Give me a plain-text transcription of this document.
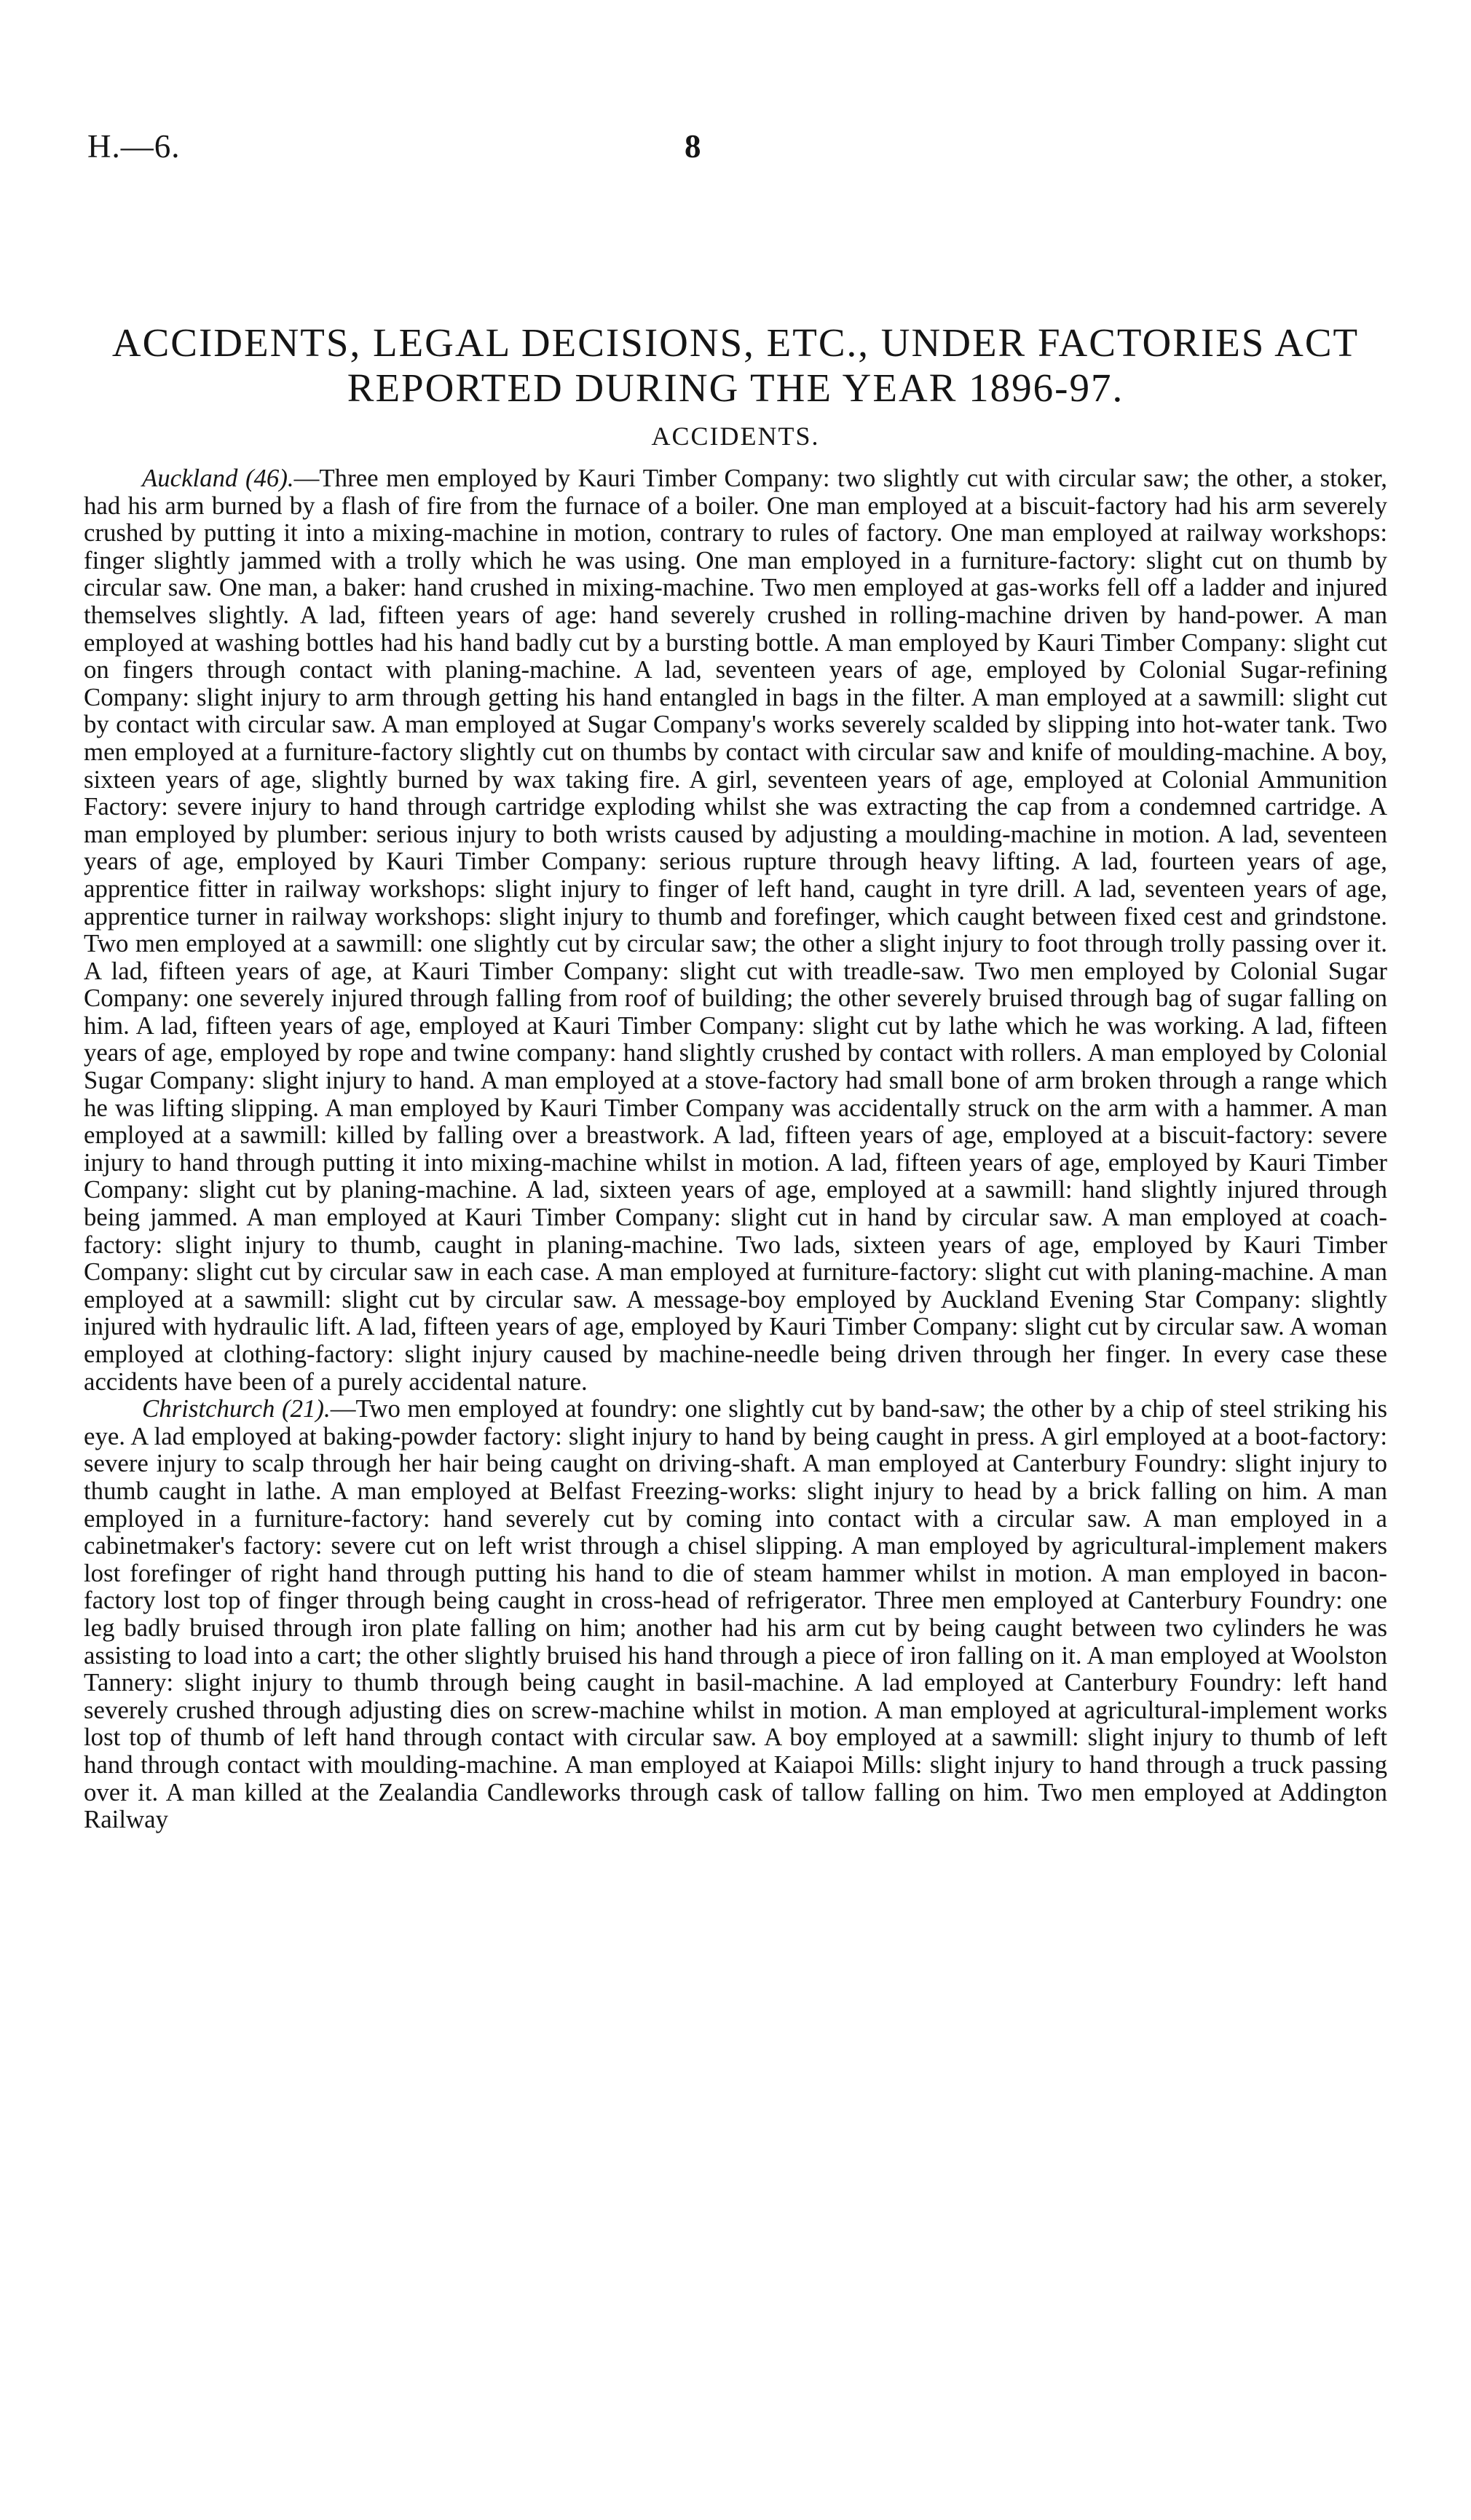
H.—6.	8
ACCIDENTS, LEGAL DECISIONS, ETC., UNDER FACTORIES ACT REPORTED DURING THE YEAR 1896-97.
ACCIDENTS.

Auckland (46).—Three men employed by Kauri Timber Company: two slightly cut with circular saw; the other, a stoker, had his arm burned by a flash of fire from the furnace of a boiler. One man employed at a biscuit-factory had his arm severely crushed by putting it into a mixing-machine in motion, contrary to rules of factory. One man employed at railway workshops: finger slightly jammed with a trolly which he was using. One man employed in a furniture-factory: slight cut on thumb by circular saw. One man, a baker: hand crushed in mixing-machine. Two men employed at gas-works fell off a ladder and injured themselves slightly. A lad, fifteen years of age: hand severely crushed in rolling-machine driven by hand-power. A man employed at washing bottles had his hand badly cut by a bursting bottle. A man employed by Kauri Timber Company: slight cut on fingers through contact with planing-machine. A lad, seventeen years of age, employed by Colonial Sugar-refining Company: slight injury to arm through getting his hand entangled in bags in the filter. A man employed at a sawmill: slight cut by contact with circular saw. A man employed at Sugar Company's works severely scalded by slipping into hot-water tank. Two men employed at a furniture-factory slightly cut on thumbs by contact with circular saw and knife of moulding-machine. A boy, sixteen years of age, slightly burned by wax taking fire. A girl, seventeen years of age, employed at Colonial Ammunition Factory: severe injury to hand through cartridge exploding whilst she was extracting the cap from a condemned cartridge. A man employed by plumber: serious injury to both wrists caused by adjusting a moulding-machine in motion. A lad, seventeen years of age, employed by Kauri Timber Company: serious rupture through heavy lifting. A lad, fourteen years of age, apprentice fitter in railway workshops: slight injury to finger of left hand, caught in tyre drill. A lad, seventeen years of age, apprentice turner in railway workshops: slight injury to thumb and forefinger, which caught between fixed cest and grindstone. Two men employed at a sawmill: one slightly cut by circular saw; the other a slight injury to foot through trolly passing over it. A lad, fifteen years of age, at Kauri Timber Company: slight cut with treadle-saw. Two men employed by Colonial Sugar Company: one severely injured through falling from roof of building; the other severely bruised through bag of sugar falling on him. A lad, fifteen years of age, employed at Kauri Timber Company: slight cut by lathe which he was working. A lad, fifteen years of age, employed by rope and twine company: hand slightly crushed by contact with rollers. A man employed by Colonial Sugar Company: slight injury to hand. A man employed at a stove-factory had small bone of arm broken through a range which he was lifting slipping. A man employed by Kauri Timber Company was accidentally struck on the arm with a hammer. A man employed at a sawmill: killed by falling over a breastwork. A lad, fifteen years of age, employed at a biscuit-factory: severe injury to hand through putting it into mixing-machine whilst in motion. A lad, fifteen years of age, employed by Kauri Timber Company: slight cut by planing-machine. A lad, sixteen years of age, employed at a sawmill: hand slightly injured through being jammed. A man employed at Kauri Timber Company: slight cut in hand by circular saw. A man employed at coach-factory: slight injury to thumb, caught in planing-machine. Two lads, sixteen years of age, employed by Kauri Timber Company: slight cut by circular saw in each case. A man employed at furniture-factory: slight cut with planing-machine. A man employed at a sawmill: slight cut by circular saw. A message-boy employed by Auckland Evening Star Company: slightly injured with hydraulic lift. A lad, fifteen years of age, employed by Kauri Timber Company: slight cut by circular saw. A woman employed at clothing-factory: slight injury caused by machine-needle being driven through her finger. In every case these accidents have been of a purely accidental nature.

Christchurch (21).—Two men employed at foundry: one slightly cut by band-saw; the other by a chip of steel striking his eye. A lad employed at baking-powder factory: slight injury to hand by being caught in press. A girl employed at a boot-factory: severe injury to scalp through her hair being caught on driving-shaft. A man employed at Canterbury Foundry: slight injury to thumb caught in lathe. A man employed at Belfast Freezing-works: slight injury to head by a brick falling on him. A man employed in a furniture-factory: hand severely cut by coming into contact with a circular saw. A man employed in a cabinetmaker's factory: severe cut on left wrist through a chisel slipping. A man employed by agricultural-implement makers lost forefinger of right hand through putting his hand to die of steam hammer whilst in motion. A man employed in bacon-factory lost top of finger through being caught in cross-head of refrigerator. Three men employed at Canterbury Foundry: one leg badly bruised through iron plate falling on him; another had his arm cut by being caught between two cylinders he was assisting to load into a cart; the other slightly bruised his hand through a piece of iron falling on it. A man employed at Woolston Tannery: slight injury to thumb through being caught in basil-machine. A lad employed at Canterbury Foundry: left hand severely crushed through adjusting dies on screw-machine whilst in motion. A man employed at agricultural-implement works lost top of thumb of left hand through contact with circular saw. A boy employed at a sawmill: slight injury to thumb of left hand through contact with moulding-machine. A man employed at Kaiapoi Mills: slight injury to hand through a truck passing over it. A man killed at the Zealandia Candleworks through cask of tallow falling on him. Two men employed at Addington Railway
